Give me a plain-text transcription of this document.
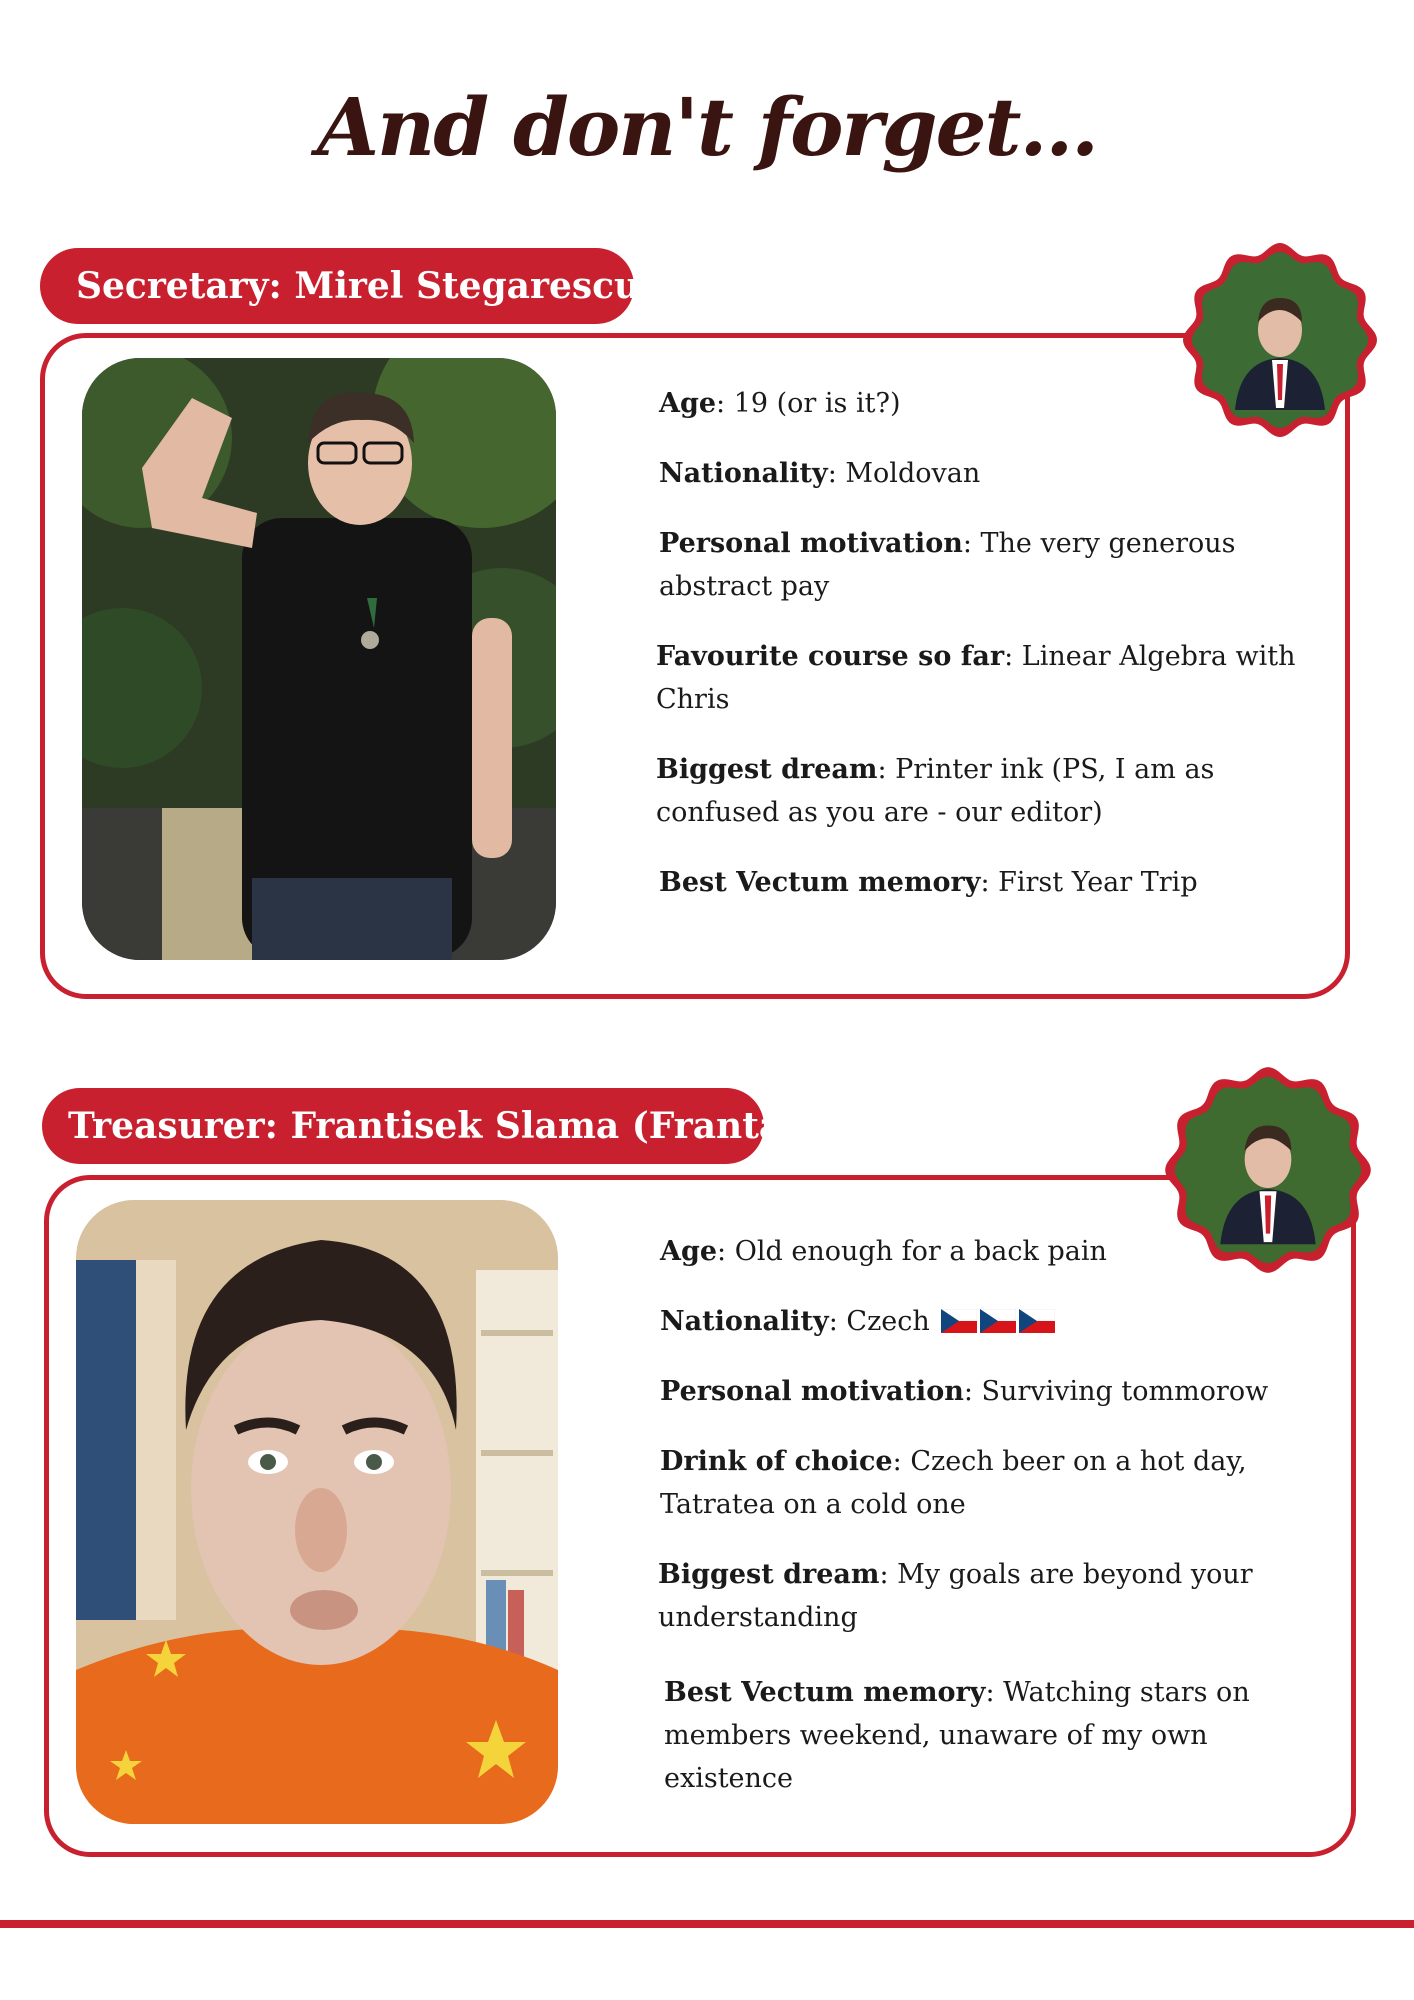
And don't forget...
Secretary: Mirel Stegarescu
Age: 19 (or is it?)
Nationality: Moldovan
Personal motivation: The very generous abstract pay
Favourite course so far: Linear Algebra with Chris
Biggest dream: Printer ink (PS, I am as confused as you are - our editor)
Best Vectum memory: First Year Trip
Treasurer: Frantisek Slama (Franta)
Age: Old enough for a back pain
Nationality: Czech
Personal motivation: Surviving tommorow
Drink of choice: Czech beer on a hot day, Tatratea on a cold one
Biggest dream: My goals are beyond your understanding
Best Vectum memory: Watching stars on members weekend, unaware of my own existence
